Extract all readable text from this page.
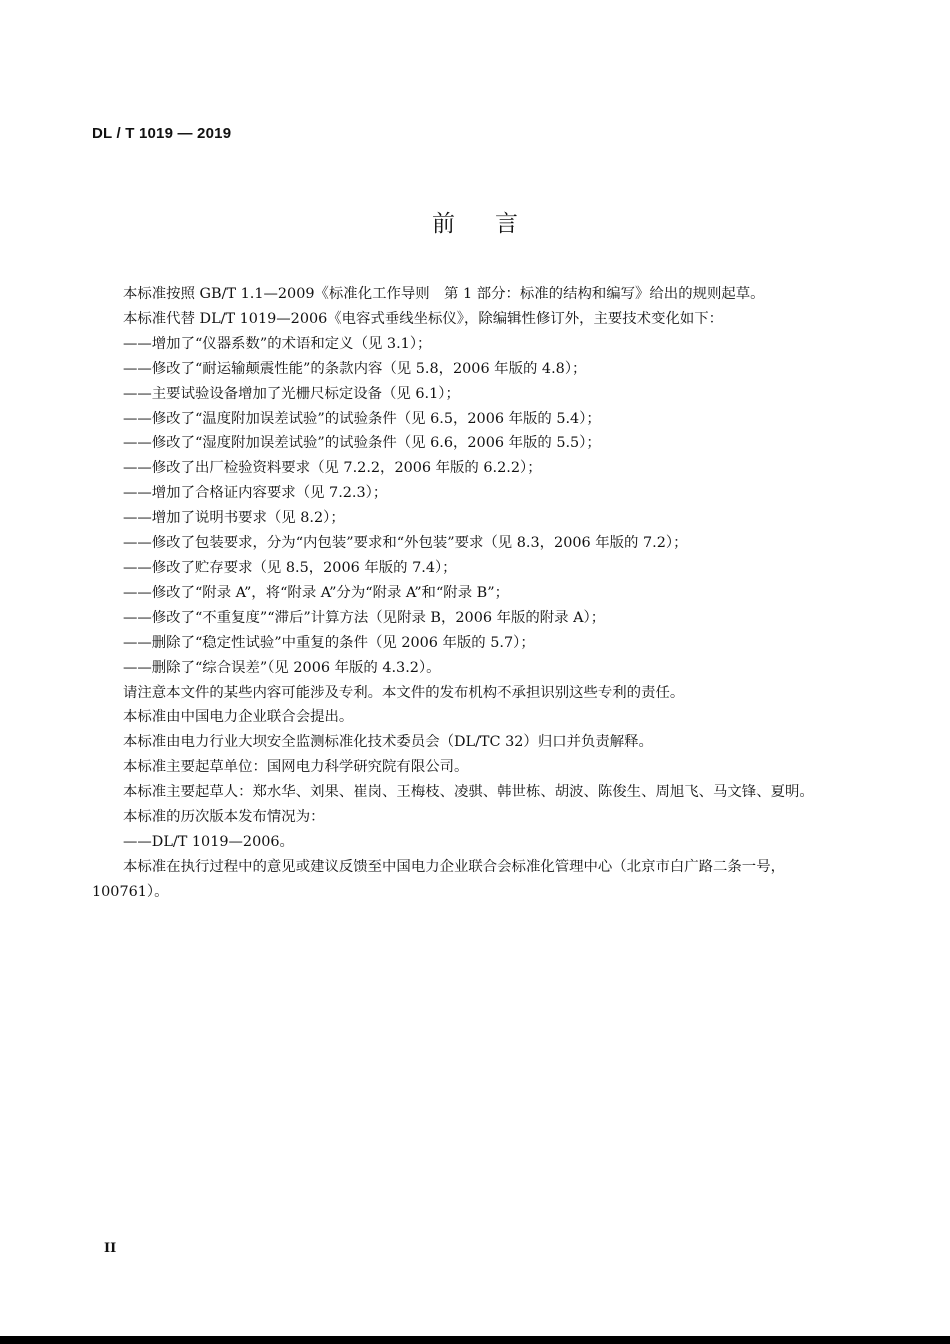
DL / T 1019 — 2019
前言

本标准按照 GB/T 1.1—2009《标准化工作导则　第 1 部分：标准的结构和编写》给出的规则起草。

本标准代替 DL/T 1019—2006《电容式垂线坐标仪》，除编辑性修订外，主要技术变化如下：

——增加了“仪器系数”的术语和定义（见 3.1）；

——修改了“耐运输颠震性能”的条款内容（见 5.8，2006 年版的 4.8）；

——主要试验设备增加了光栅尺标定设备（见 6.1）；

——修改了“温度附加误差试验”的试验条件（见 6.5，2006 年版的 5.4）；

——修改了“湿度附加误差试验”的试验条件（见 6.6，2006 年版的 5.5）；

——修改了出厂检验资料要求（见 7.2.2，2006 年版的 6.2.2）；

——增加了合格证内容要求（见 7.2.3）；

——增加了说明书要求（见 8.2）；

——修改了包装要求，分为“内包装”要求和“外包装”要求（见 8.3，2006 年版的 7.2）；

——修改了贮存要求（见 8.5，2006 年版的 7.4）；

——修改了“附录 A”，将“附录 A”分为“附录 A”和“附录 B”；

——修改了“不重复度”“滞后”计算方法（见附录 B，2006 年版的附录 A）；

——删除了“稳定性试验”中重复的条件（见 2006 年版的 5.7）；

——删除了“综合误差”（见 2006 年版的 4.3.2）。

请注意本文件的某些内容可能涉及专利。本文件的发布机构不承担识别这些专利的责任。

本标准由中国电力企业联合会提出。

本标准由电力行业大坝安全监测标准化技术委员会（DL/TC 32）归口并负责解释。

本标准主要起草单位：国网电力科学研究院有限公司。

本标准主要起草人：郑水华、刘果、崔岗、王梅枝、凌骐、韩世栋、胡波、陈俊生、周旭飞、马文锋、夏明。

本标准的历次版本发布情况为：

——DL/T 1019—2006。

本标准在执行过程中的意见或建议反馈至中国电力企业联合会标准化管理中心（北京市白广路二条一号，100761）。

II
